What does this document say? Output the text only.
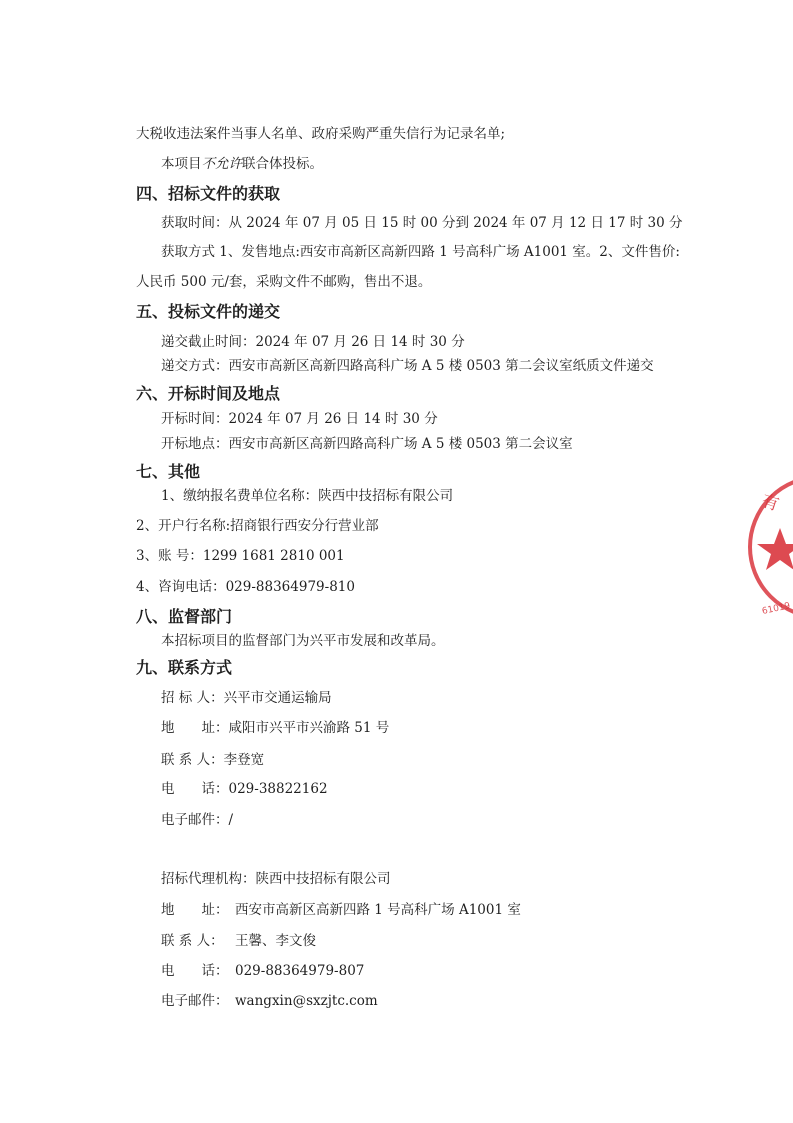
大税收违法案件当事人名单、政府采购严重失信行为记录名单;
本项目不允许联合体投标。
四、招标文件的获取
获取时间：从 2024 年 07 月 05 日 15 时 00 分到 2024 年 07 月 12 日 17 时 30 分
获取方式 1、发售地点:西安市高新区高新四路 1 号高科广场 A1001 室。2、文件售价:
人民币 500 元/套，采购文件不邮购，售出不退。
五、投标文件的递交
递交截止时间：2024 年 07 月 26 日 14 时 30 分
递交方式：西安市高新区高新四路高科广场 A 5 楼 0503 第二会议室纸质文件递交
六、开标时间及地点
开标时间：2024 年 07 月 26 日 14 时 30 分
开标地点：西安市高新区高新四路高科广场 A 5 楼 0503 第二会议室
七、其他
1、缴纳报名费单位名称：陕西中技招标有限公司
2、开户行名称:招商银行西安分行营业部
3、账 号：1299 1681 2810 001
4、咨询电话：029-88364979-810
八、监督部门
本招标项目的监督部门为兴平市发展和改革局。
九、联系方式
招 标 人：兴平市交通运输局
地　　址：咸阳市兴平市兴渝路 51 号
联 系 人：李登宽
电　　话：029-38822162
电子邮件：/
招标代理机构：陕西中技招标有限公司
地　　址： 西安市高新区高新四路 1 号高科广场 A1001 室
联 系 人： 王馨、李文俊
电　　话： 029-88364979-807
电子邮件： wangxin@sxzjtc.com
有
61019
